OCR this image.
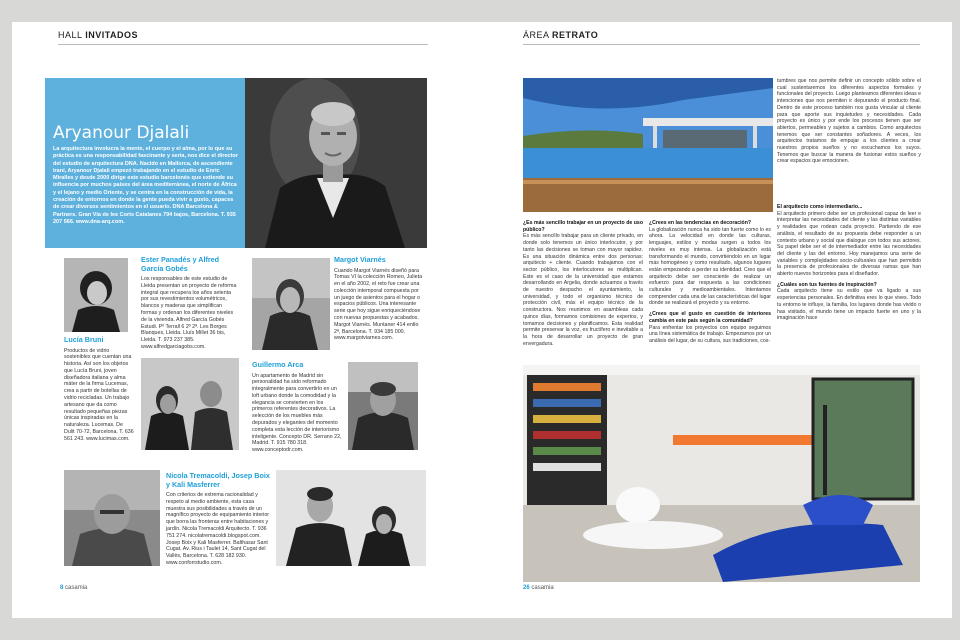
HALL INVITADOS
Aryanour Djalali
La arquitectura involucra la mente, el cuerpo y el alma, por lo que su práctica es una responsabilidad fascinante y seria, nos dice el director del estudio de arquitectura DNA. Nacido en Mallorca, de ascendiente iraní, Aryanour Djalali empezó trabajando en el estudio de Enric Miralles y desde 2000 dirige este estudio barcelonés que extiende su influencia por muchos países del área mediterránea, el norte de África y el lejano y medio Oriente, y se centra en la construcción de vida, la creación de entornos en donde la gente pueda vivir a gusto, capaces de crear diversos sentimientos en el usuario. DNA Barcelona & Partners. Gran Vía de les Corts Catalanes 794 bajos, Barcelona. T. 935 207 566. www.dna-arq.com.
Ester Panadés y Alfred García Gobés
Los responsables de este estudio de Lleida presentan un proyecto de reforma integral que recupera los años setenta por sus revestimientos volumétricos, blancos y maderas que simplifican formas y ordenan los diferentes niveles de la vivienda. Alfred García Gobés Estudi. Pº Terrall 6 2º 2ª. Les Borges Blanques, Lleida. Lluís Millet 36 bis, Lleida. T. 973 237 385. www.alfredgarciagobs.com.
Margot Viarnés
Cuando Margot Viarnés diseñó para Tomas VI la colección Romeo, Julieta en el año 2002, el reto fue crear una colección intemporal compuesta por un juego de asientos para el hogar o espacios públicos. Una interesante serie que hoy sigue enriqueciéndose con nuevas propuestas y acabados. Margot Viarnés. Muntaner 414 entlo 2ª, Barcelona. T. 934 185 000. www.margotviarnes.com.
Lucía Bruni
Productos de vidrio sostenibles que cuentan una historia. Así son los objetos que Lucía Bruni, joven diseñadora italiana y alma máter de la firma Lucemas, crea a partir de botellas de vidrio recicladas. Un trabajo artesano que da como resultado pequeñas piezas únicas inspiradas en la naturaleza. Lucemas. De Dulit 70-72, Barcelona. T. 636 561 243. www.lucimas.com.
Guillermo Arca
Un apartamento de Madrid sin personalidad ha sido reformado integralmente para convertirlo en un loft urbano donde la comodidad y la elegancia se convierten en los primeros referentes decorativos. La selección de los muebles más depurados y elegantes del momento completa esta lección de interiorismo inteligente. Concepto DR. Serrano 22, Madrid. T. 915 780 318. www.conceptodr.com.
Nicola Tremacoldi, Josep Boix y Kali Masferrer
Con criterios de extrema racionalidad y respeto al medio ambiente, esta casa muestra sus posibilidades a través de un magnífico proyecto de equipamiento interior que borra las fronteras entre habitaciones y jardín. Nicola Tremacoldi Arquitecto. T. 936 751 274. nicolatremacoldi.blogspot.com. Josep Boix y Kali Masferrer. Balthasar Sant Cugat. Av. Rius i Taulet 14, Sant Cugat del Vallès, Barcelona. T. 628 182 930. www.conforrstudio.com.
8 casamia
ÁREA RETRATO

tumbres que nos permite definir un concepto sólido sobre el cual sustentaremos los diferentes aspectos formales y funcionales del proyecto. Luego planteamos diferentes ideas e intenciones que nos permiten ir depurando el producto final. Dentro de este proceso también nos gusta vincular al cliente para que aporte sus inquietudes y necesidades. Cada proyecto es único y por ende los procesos tienen que ser abiertos, permeables y sujetos a cambios. Como arquitectos tenemos que ser constantes soñadores. A veces, los arquitectos tratamos de empujar a los clientes a crear nuestros propios sueños y no escuchamos los suyos. Tenemos que buscar la manera de fusionar estos sueños y crear espacios que emocionen.

¿Es más sencillo trabajar en un proyecto de uso público?

Es más sencillo trabajar para un cliente privado, en donde solo tenemos un único interlocutor, y por tanto las decisiones se toman con mayor rapidez. Es una situación dinámica entre dos personas: arquitecto + cliente. Cuando trabajamos con el sector público, los interlocutores se multiplican. Este es el caso de la universidad que estamos desarrollando en Argelia, donde actuamos a través de nuestro despacho el ayuntamiento, la universidad, y todo el organismo técnico de protección civil, más el equipo técnico de la constructora. Nos reunimos en asambleas cada quince días, formamos comisiones de expertos, y tomamos decisiones y planificamos. Esta realidad permite preservar la voz, es fructífero e inevitable a la hora de desarrollar un proyecto de gran envergadura.

¿Crees en las tendencias en decoración?

La globalización nunca ha sido tan fuerte como lo es ahora. La velocidad en donde las culturas, lenguajes, estilos y modas surgen a todos los niveles es muy intensa. La globalización está transformando el mundo, convirtiéndolo en un lugar más homogéneo y como resultado, algunos lugares están empezando a perder su identidad. Creo que el arquitecto debe ser consciente de realizar un esfuerzo para dar respuesta a las condiciones culturales y medioambientales. Intentamos comprender cada una de las características del lugar donde se realizará el proyecto y su entorno.

¿Crees que el gusto en cuestión de interiores cambia en este país según la comunidad?

Para enfrentar los proyectos con equipo seguimos una línea sistemática de trabajo. Empezamos por un análisis del lugar, de su cultura, sus tradiciones, cos-

El arquitecto como intermediario...

El arquitecto primero debe ser un profesional capaz de leer e interpretar las necesidades del cliente y las distintas variables y realidades que rodean cada proyecto. Partiendo de ese análisis, el resultado de su propuesta debe responder a un contexto urbano y social que dialogue con todos sus actores. Su papel debe ser el de intermediador entre las necesidades del cliente y las del entorno. Hoy manejamos una serie de variables y complejidades socio-culturales que han permitido la presencia de profesionales de diversas ramas que han abierto nuevos horizontes para el diseñador.

¿Cuáles son tus fuentes de inspiración?

Cada arquitecto tiene su estilo que va ligado a sus experiencias personales. En definitiva eres lo que vives. Todo tu entorno te influye, la familia, los lugares donde has vivido o has visitado, el mundo tiene un impacto fuerte en uno y la imaginación hace

26 casamia
